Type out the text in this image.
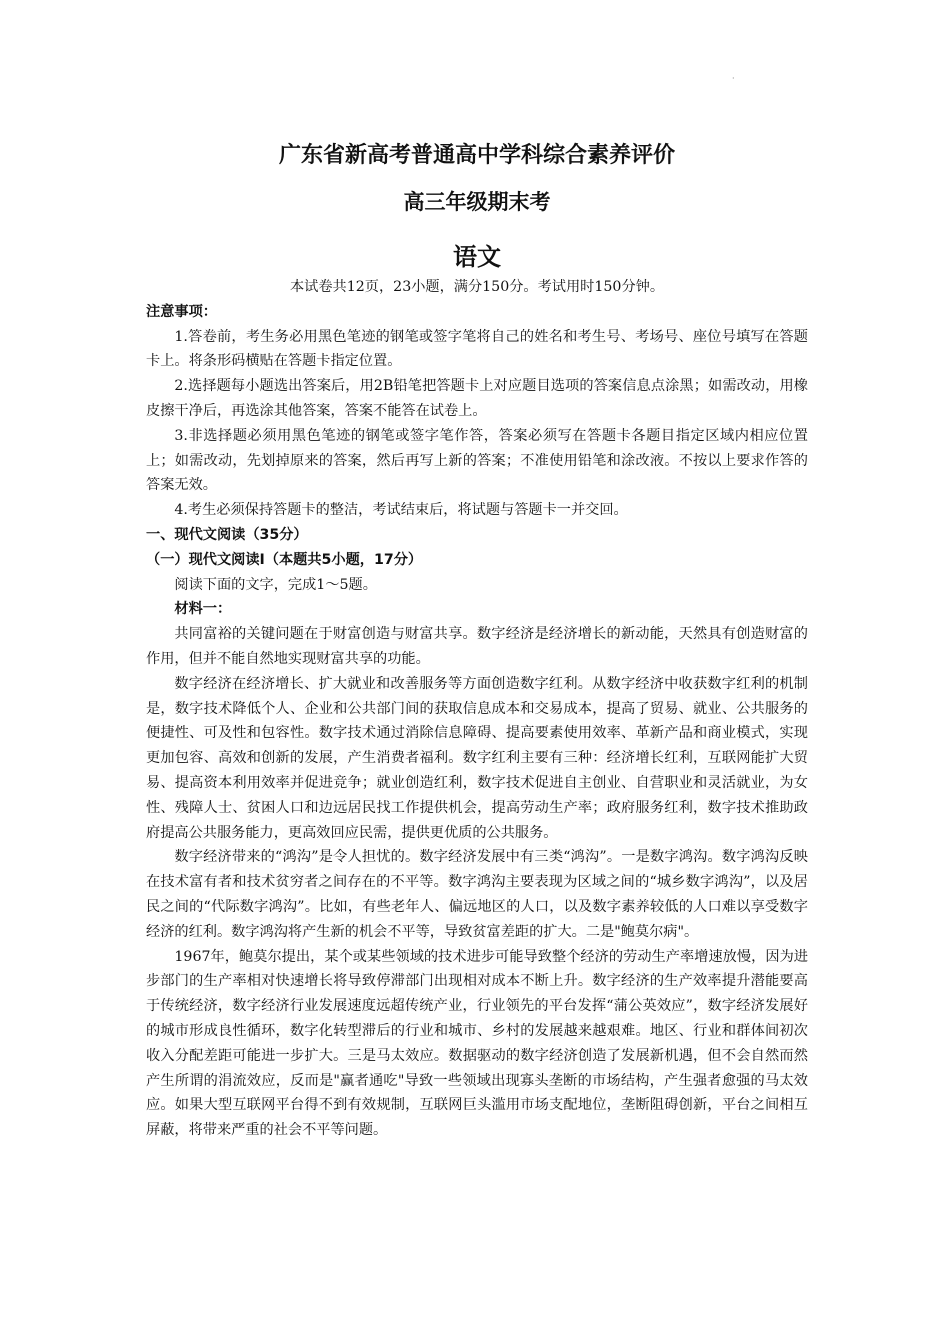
·
广东省新高考普通高中学科综合素养评价
高三年级期末考
语文

本试卷共12页，23小题，满分150分。考试用时150分钟。

注意事项：

1.答卷前，考生务必用黑色笔迹的钢笔或签字笔将自己的姓名和考生号、考场号、座位号填写在答题卡上。将条形码横贴在答题卡指定位置。

2.选择题每小题选出答案后，用2B铅笔把答题卡上对应题目选项的答案信息点涂黑；如需改动，用橡皮擦干净后，再选涂其他答案，答案不能答在试卷上。

3.非选择题必须用黑色笔迹的钢笔或签字笔作答，答案必须写在答题卡各题目指定区域内相应位置上；如需改动，先划掉原来的答案，然后再写上新的答案；不准使用铅笔和涂改液。不按以上要求作答的答案无效。

4.考生必须保持答题卡的整洁，考试结束后，将试题与答题卡一并交回。

一、现代文阅读（35分）

（一）现代文阅读Ⅰ（本题共5小题，17分）

阅读下面的文字，完成1～5题。

材料一：

共同富裕的关键问题在于财富创造与财富共享。数字经济是经济增长的新动能，天然具有创造财富的作用，但并不能自然地实现财富共享的功能。

数字经济在经济增长、扩大就业和改善服务等方面创造数字红利。从数字经济中收获数字红利的机制是，数字技术降低个人、企业和公共部门间的获取信息成本和交易成本，提高了贸易、就业、公共服务的便捷性、可及性和包容性。数字技术通过消除信息障碍、提高要素使用效率、革新产品和商业模式，实现更加包容、高效和创新的发展，产生消费者福利。数字红利主要有三种：经济增长红利，互联网能扩大贸易、提高资本利用效率并促进竞争；就业创造红利，数字技术促进自主创业、自营职业和灵活就业，为女性、残障人士、贫困人口和边远居民找工作提供机会，提高劳动生产率；政府服务红利，数字技术推助政府提高公共服务能力，更高效回应民需，提供更优质的公共服务。

数字经济带来的“鸿沟”是令人担忧的。数字经济发展中有三类“鸿沟”。一是数字鸿沟。数字鸿沟反映在技术富有者和技术贫穷者之间存在的不平等。数字鸿沟主要表现为区域之间的“城乡数字鸿沟”，以及居民之间的“代际数字鸿沟”。比如，有些老年人、偏远地区的人口，以及数字素养较低的人口难以享受数字经济的红利。数字鸿沟将产生新的机会不平等，导致贫富差距的扩大。二是"鲍莫尔病"。

1967年，鲍莫尔提出，某个或某些领域的技术进步可能导致整个经济的劳动生产率增速放慢，因为进步部门的生产率相对快速增长将导致停滞部门出现相对成本不断上升。数字经济的生产效率提升潜能要高于传统经济，数字经济行业发展速度远超传统产业，行业领先的平台发挥“蒲公英效应”，数字经济发展好的城市形成良性循环，数字化转型滞后的行业和城市、乡村的发展越来越艰难。地区、行业和群体间初次收入分配差距可能进一步扩大。三是马太效应。数据驱动的数字经济创造了发展新机遇，但不会自然而然产生所谓的涓流效应，反而是"赢者通吃"导致一些领域出现寡头垄断的市场结构，产生强者愈强的马太效应。如果大型互联网平台得不到有效规制，互联网巨头滥用市场支配地位，垄断阻碍创新，平台之间相互屏蔽，将带来严重的社会不平等问题。
